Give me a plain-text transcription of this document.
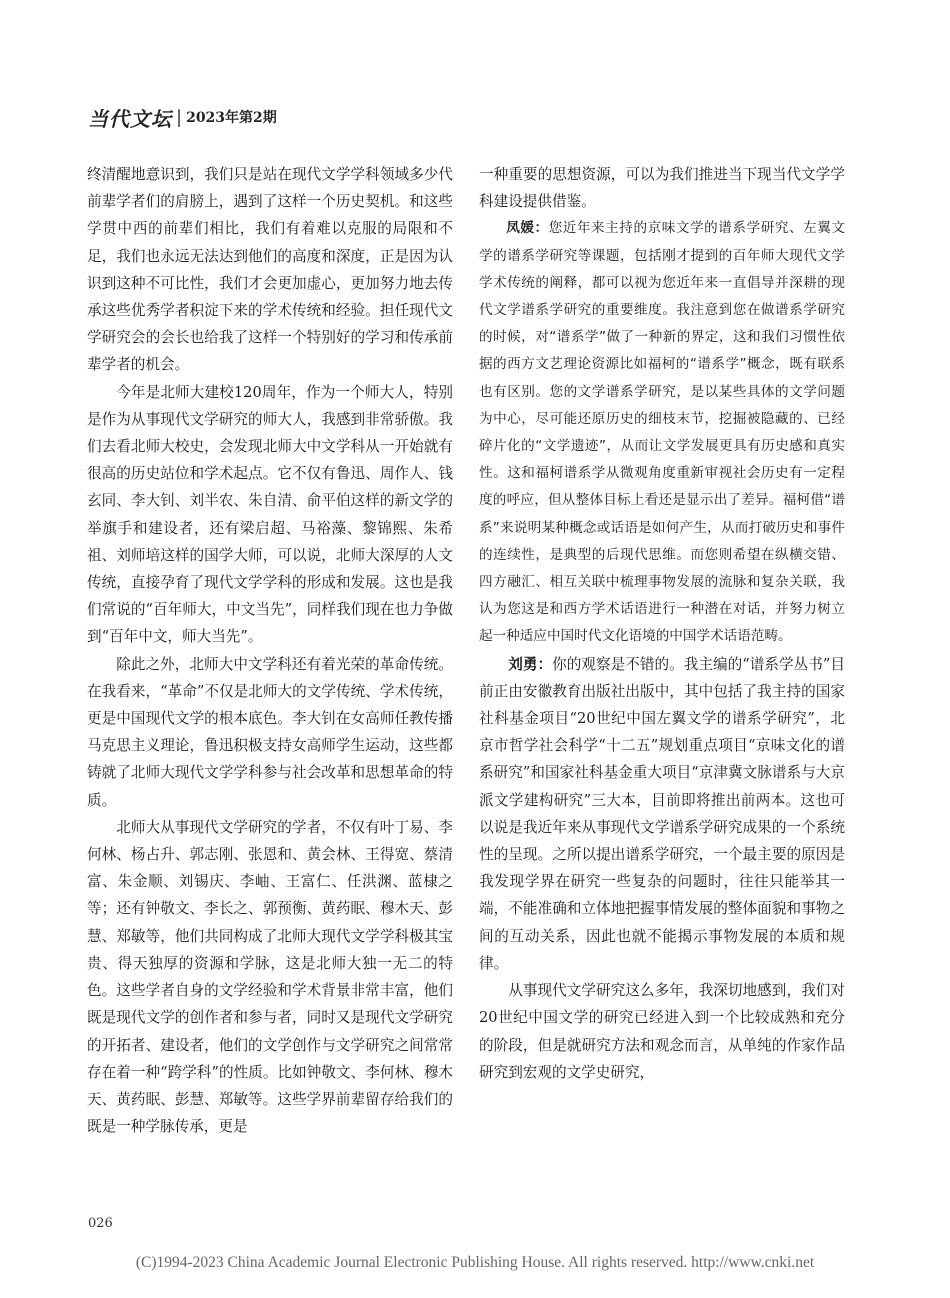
当代文坛 | 2023年第2期

终清醒地意识到，我们只是站在现代文学学科领域多少代前辈学者们的肩膀上，遇到了这样一个历史契机。和这些学贯中西的前辈们相比，我们有着难以克服的局限和不足，我们也永远无法达到他们的高度和深度，正是因为认识到这种不可比性，我们才会更加虚心，更加努力地去传承这些优秀学者积淀下来的学术传统和经验。担任现代文学研究会的会长也给我了这样一个特别好的学习和传承前辈学者的机会。

今年是北师大建校120周年，作为一个师大人，特别是作为从事现代文学研究的师大人，我感到非常骄傲。我们去看北师大校史，会发现北师大中文学科从一开始就有很高的历史站位和学术起点。它不仅有鲁迅、周作人、钱玄同、李大钊、刘半农、朱自清、俞平伯这样的新文学的举旗手和建设者，还有梁启超、马裕藻、黎锦熙、朱希祖、刘师培这样的国学大师，可以说，北师大深厚的人文传统，直接孕育了现代文学学科的形成和发展。这也是我们常说的“百年师大，中文当先”，同样我们现在也力争做到“百年中文，师大当先”。

除此之外，北师大中文学科还有着光荣的革命传统。在我看来，“革命”不仅是北师大的文学传统、学术传统，更是中国现代文学的根本底色。李大钊在女高师任教传播马克思主义理论，鲁迅积极支持女高师学生运动，这些都铸就了北师大现代文学学科参与社会改革和思想革命的特质。

北师大从事现代文学研究的学者，不仅有叶丁易、李何林、杨占升、郭志刚、张恩和、黄会林、王得宽、蔡清富、朱金顺、刘锡庆、李岫、王富仁、任洪渊、蓝棣之等；还有钟敬文、李长之、郭预衡、黄药眠、穆木天、彭慧、郑敏等，他们共同构成了北师大现代文学学科极其宝贵、得天独厚的资源和学脉，这是北师大独一无二的特色。这些学者自身的文学经验和学术背景非常丰富，他们既是现代文学的创作者和参与者，同时又是现代文学研究的开拓者、建设者，他们的文学创作与文学研究之间常常存在着一种“跨学科”的性质。比如钟敬文、李何林、穆木天、黄药眠、彭慧、郑敏等。这些学界前辈留存给我们的既是一种学脉传承，更是

一种重要的思想资源，可以为我们推进当下现当代文学学科建设提供借鉴。

凤媛：您近年来主持的京味文学的谱系学研究、左翼文学的谱系学研究等课题，包括刚才提到的百年师大现代文学学术传统的阐释，都可以视为您近年来一直倡导并深耕的现代文学谱系学研究的重要维度。我注意到您在做谱系学研究的时候，对“谱系学”做了一种新的界定，这和我们习惯性依据的西方文艺理论资源比如福柯的“谱系学”概念，既有联系也有区别。您的文学谱系学研究，是以某些具体的文学问题为中心，尽可能还原历史的细枝末节，挖掘被隐藏的、已经碎片化的“文学遗迹”，从而让文学发展更具有历史感和真实性。这和福柯谱系学从微观角度重新审视社会历史有一定程度的呼应，但从整体目标上看还是显示出了差异。福柯借“谱系”来说明某种概念或话语是如何产生，从而打破历史和事件的连续性，是典型的后现代思维。而您则希望在纵横交错、四方融汇、相互关联中梳理事物发展的流脉和复杂关联，我认为您这是和西方学术话语进行一种潜在对话，并努力树立起一种适应中国时代文化语境的中国学术话语范畴。

刘勇：你的观察是不错的。我主编的“谱系学丛书”目前正由安徽教育出版社出版中，其中包括了我主持的国家社科基金项目“20世纪中国左翼文学的谱系学研究”，北京市哲学社会科学“十二五”规划重点项目“京味文化的谱系研究”和国家社科基金重大项目“京津冀文脉谱系与大京派文学建构研究”三大本，目前即将推出前两本。这也可以说是我近年来从事现代文学谱系学研究成果的一个系统性的呈现。之所以提出谱系学研究，一个最主要的原因是我发现学界在研究一些复杂的问题时，往往只能举其一端，不能准确和立体地把握事情发展的整体面貌和事物之间的互动关系，因此也就不能揭示事物发展的本质和规律。

从事现代文学研究这么多年，我深切地感到，我们对20世纪中国文学的研究已经进入到一个比较成熟和充分的阶段，但是就研究方法和观念而言，从单纯的作家作品研究到宏观的文学史研究，

026
(C)1994-2023 China Academic Journal Electronic Publishing House. All rights reserved. http://www.cnki.net
